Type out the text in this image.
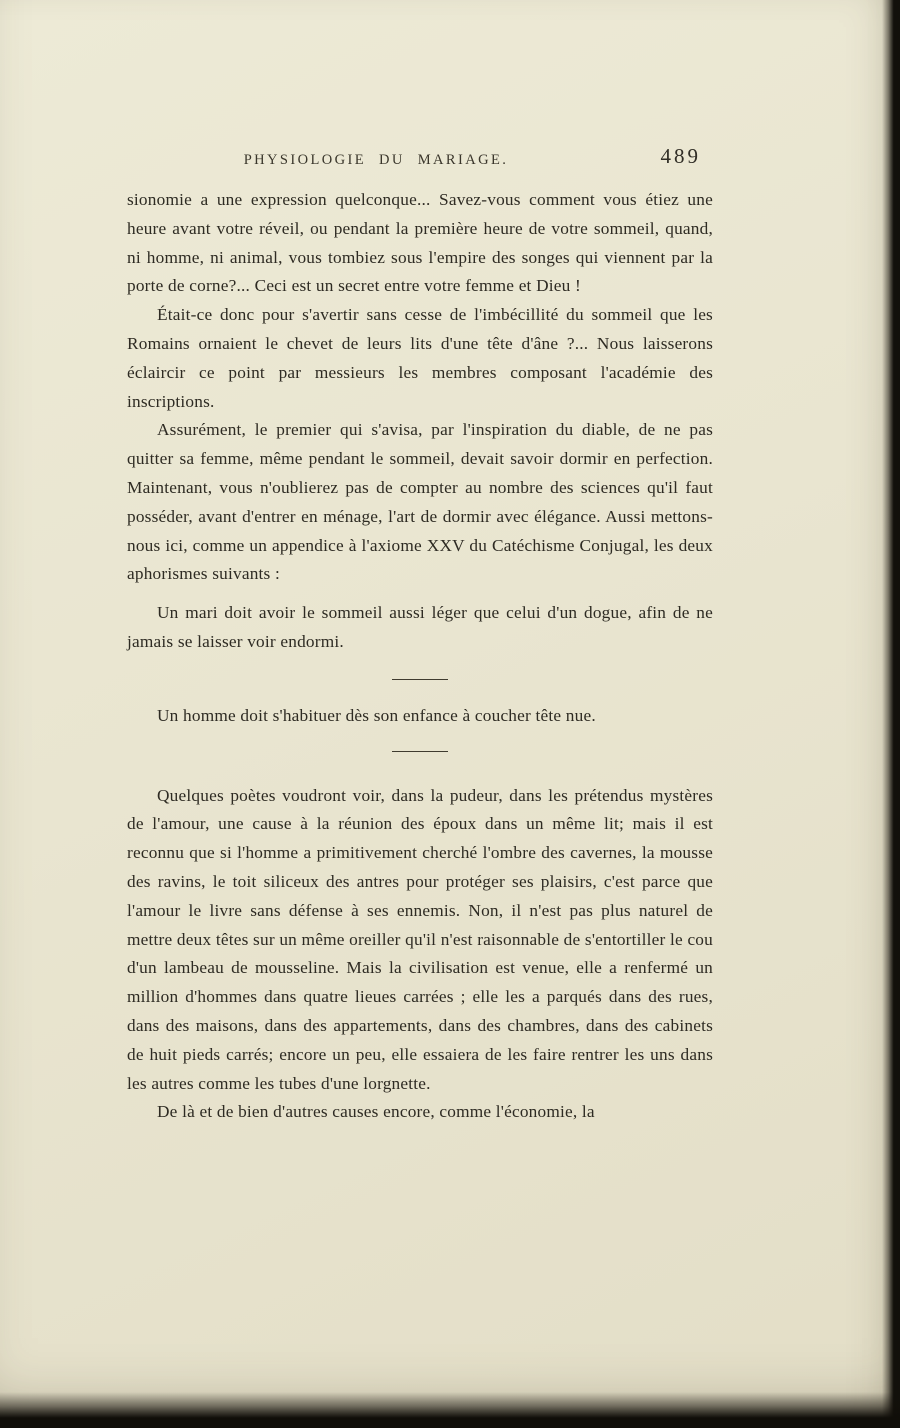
PHYSIOLOGIE DU MARIAGE.	489

sionomie a une expression quelconque... Savez-vous comment vous étiez une heure avant votre réveil, ou pendant la première heure de votre sommeil, quand, ni homme, ni animal, vous tombiez sous l'empire des songes qui viennent par la porte de corne?... Ceci est un secret entre votre femme et Dieu !

Était-ce donc pour s'avertir sans cesse de l'imbécillité du sommeil que les Romains ornaient le chevet de leurs lits d'une tête d'âne ?... Nous laisserons éclaircir ce point par messieurs les membres composant l'académie des inscriptions.

Assurément, le premier qui s'avisa, par l'inspiration du diable, de ne pas quitter sa femme, même pendant le sommeil, devait savoir dormir en perfection. Maintenant, vous n'oublierez pas de compter au nombre des sciences qu'il faut posséder, avant d'entrer en ménage, l'art de dormir avec élégance. Aussi mettons-nous ici, comme un appendice à l'axiome XXV du Catéchisme Conjugal, les deux aphorismes suivants :

Un mari doit avoir le sommeil aussi léger que celui d'un dogue, afin de ne jamais se laisser voir endormi.

Un homme doit s'habituer dès son enfance à coucher tête nue.

Quelques poètes voudront voir, dans la pudeur, dans les prétendus mystères de l'amour, une cause à la réunion des époux dans un même lit; mais il est reconnu que si l'homme a primitivement cherché l'ombre des cavernes, la mousse des ravins, le toit siliceux des antres pour protéger ses plaisirs, c'est parce que l'amour le livre sans défense à ses ennemis. Non, il n'est pas plus naturel de mettre deux têtes sur un même oreiller qu'il n'est raisonnable de s'entortiller le cou d'un lambeau de mousseline. Mais la civilisation est venue, elle a renfermé un million d'hommes dans quatre lieues carrées ; elle les a parqués dans des rues, dans des maisons, dans des appartements, dans des chambres, dans des cabinets de huit pieds carrés; encore un peu, elle essaiera de les faire rentrer les uns dans les autres comme les tubes d'une lorgnette.

De là et de bien d'autres causes encore, comme l'économie, la
